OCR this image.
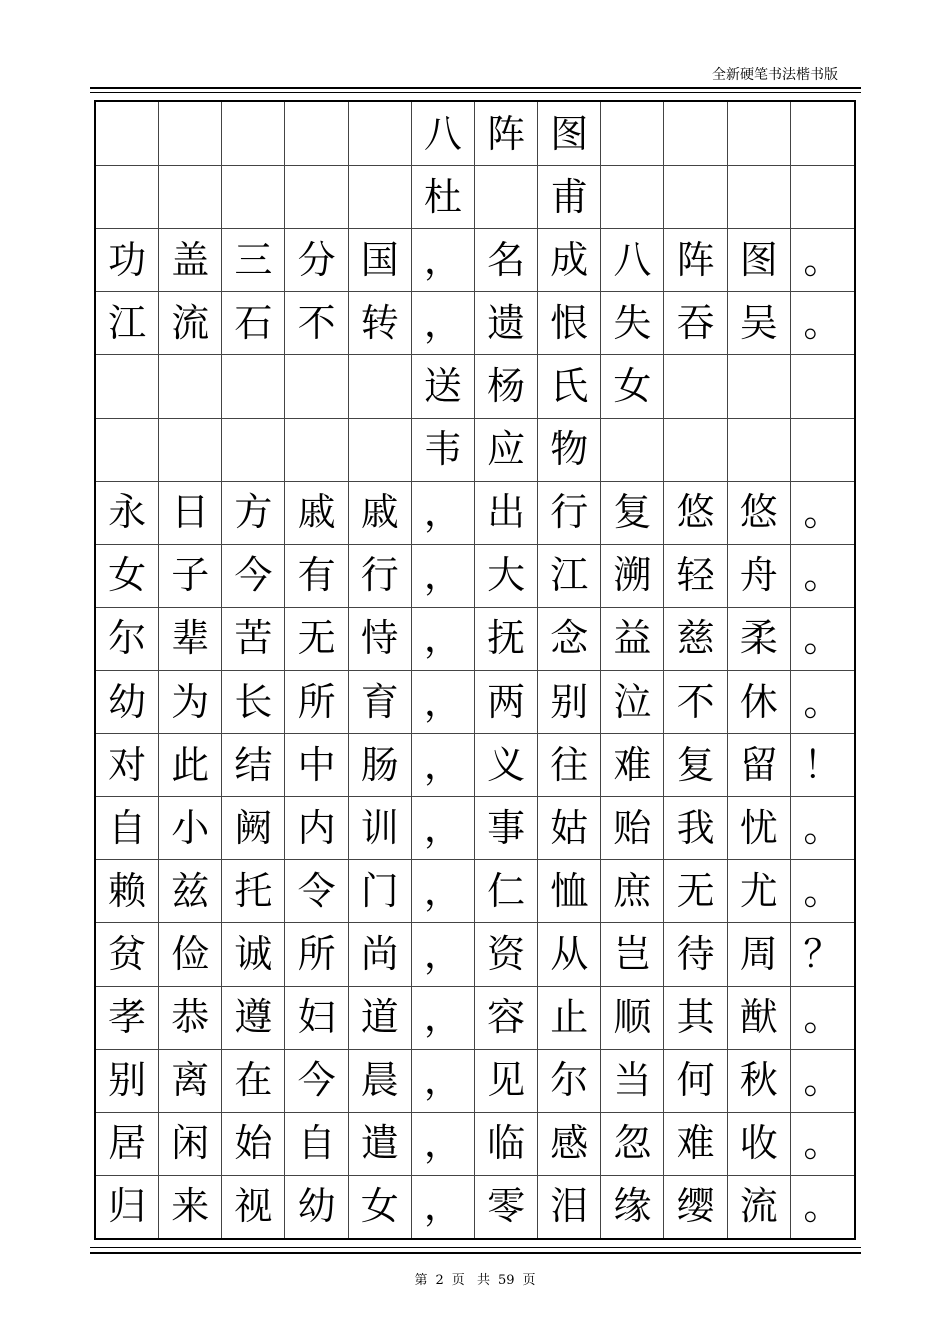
全新硬笔书法楷书版
八 阵 图
杜	甫
功 盖 三 分 国 ， 名 成 八 阵 图 。
江 流 石 不 转 ， 遗 恨 失 吞 吴 。
送 杨 氏 女
韦 应 物
永 日 方 戚 戚 ， 出 行 复 悠 悠 。
女 子 今 有 行 ， 大 江 溯 轻 舟 。
尔 辈 苦 无 恃 ， 抚 念 益 慈 柔 。
幼 为 长 所 育 ， 两 别 泣 不 休 。
对 此 结 中 肠 ， 义 往 难 复 留 ！
自 小 阙 内 训 ， 事 姑 贻 我 忧 。
赖 兹 托 令 门 ， 仁 恤 庶 无 尤 。
贫 俭 诚 所 尚 ， 资 从 岂 待 周 ？
孝 恭 遵 妇 道 ， 容 止 顺 其 猷 。
别 离 在 今 晨 ， 见 尔 当 何 秋 。
居 闲 始 自 遣 ， 临 感 忽 难 收 。
归 来 视 幼 女 ， 零 泪 缘 缨 流 。
第 2 页 共 59 页
